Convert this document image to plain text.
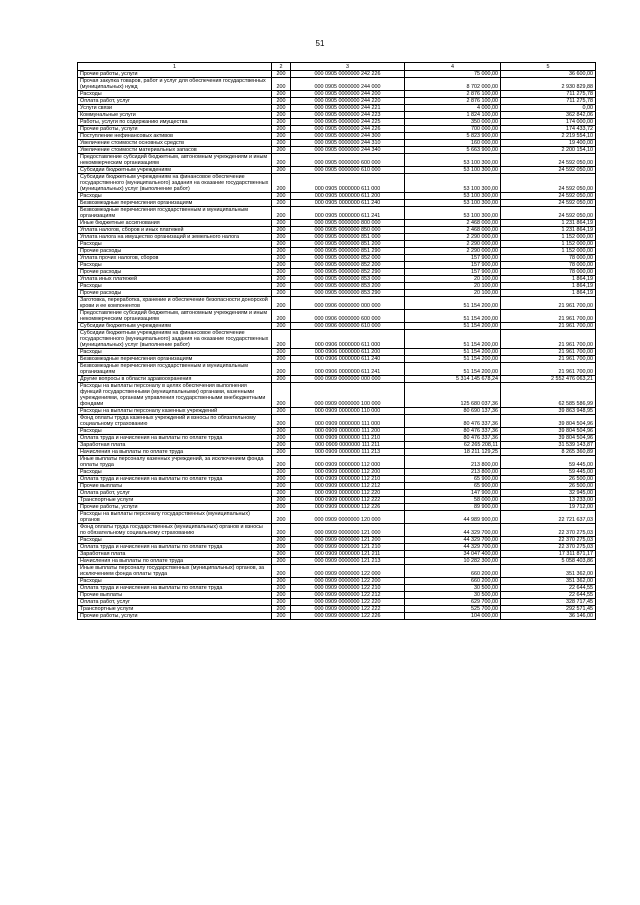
51
1	2	3	4	5
Прочие работы, услуги	200	000 0905 0000000 242 226	75 000,00	36 600,00
Прочая закупка товаров, работ и услуг для обеспечения государственных (муниципальных) нужд	200	000 0905 0000000 244 000	8 702 000,00	2 930 829,88
Расходы	200	000 0905 0000000 244 200	2 876 100,00	711 275,78
Оплата работ, услуг	200	000 0905 0000000 244 220	2 876 100,00	711 275,78
Услуги связи	200	000 0905 0000000 244 221	4 000,00	0,00
Коммунальные услуги	200	000 0905 0000000 244 223	1 824 100,00	362 842,06
Работы, услуги по содержанию имущества	200	000 0905 0000000 244 225	350 000,00	174 000,00
Прочие работы, услуги	200	000 0905 0000000 244 226	700 000,00	174 433,72
Поступление нефинансовых активов	200	000 0905 0000000 244 300	5 823 900,00	2 219 554,10
Увеличение стоимости основных средств	200	000 0905 0000000 244 310	160 000,00	19 400,00
Увеличение стоимости материальных запасов	200	000 0905 0000000 244 340	5 663 900,00	2 200 154,10
Предоставление субсидий бюджетным, автономным учреждениям и иным некоммерческим организациям	200	000 0905 0000000 600 000	53 100 300,00	24 592 050,00
Субсидии бюджетным учреждениям	200	000 0905 0000000 610 000	53 100 300,00	24 592 050,00
Субсидии бюджетным учреждениям на финансовое обеспечение государственного (муниципального) задания на оказание государственных (муниципальных) услуг (выполнение работ)	200	000 0905 0000000 611 000	53 100 300,00	24 592 050,00
Расходы	200	000 0905 0000000 611 200	53 100 300,00	24 592 050,00
Безвозмездные перечисления организациям	200	000 0905 0000000 611 240	53 100 300,00	24 592 050,00
Безвозмездные перечисления государственным и муниципальным организациям	200	000 0905 0000000 611 241	53 100 300,00	24 592 050,00
Иные бюджетные ассигнования	200	000 0905 0000000 800 000	2 468 000,00	1 231 864,19
Уплата налогов, сборов и иных платежей	200	000 0905 0000000 850 000	2 468 000,00	1 231 864,19
Уплата налога на имущество организаций и земельного налога	200	000 0905 0000000 851 000	2 290 000,00	1 152 000,00
Расходы	200	000 0905 0000000 851 200	2 290 000,00	1 152 000,00
Прочие расходы	200	000 0905 0000000 851 290	2 290 000,00	1 152 000,00
Уплата прочих налогов, сборов	200	000 0905 0000000 852 000	157 900,00	78 000,00
Расходы	200	000 0905 0000000 852 200	157 900,00	78 000,00
Прочие расходы	200	000 0905 0000000 852 290	157 900,00	78 000,00
Уплата иных платежей	200	000 0905 0000000 853 000	20 100,00	1 864,19
Расходы	200	000 0905 0000000 853 200	20 100,00	1 864,19
Прочие расходы	200	000 0905 0000000 853 290	20 100,00	1 864,19
Заготовка, переработка, хранение и обеспечение безопасности донорской крови и ее компонентов	200	000 0906 0000000 000 000	51 154 200,00	21 961 700,00
Предоставление субсидий бюджетным, автономным учреждениям и иным некоммерческим организациям	200	000 0906 0000000 600 000	51 154 200,00	21 961 700,00
Субсидии бюджетным учреждениям	200	000 0906 0000000 610 000	51 154 200,00	21 961 700,00
Субсидии бюджетным учреждениям на финансовое обеспечение государственного (муниципального) задания на оказание государственных (муниципальных) услуг (выполнение работ)	200	000 0906 0000000 611 000	51 154 200,00	21 961 700,00
Расходы	200	000 0906 0000000 611 200	51 154 200,00	21 961 700,00
Безвозмездные перечисления организациям	200	000 0906 0000000 611 240	51 154 200,00	21 961 700,00
Безвозмездные перечисления государственным и муниципальным организациям	200	000 0906 0000000 611 241	51 154 200,00	21 961 700,00
Другие вопросы в области здравоохранения	200	000 0909 0000000 000 000	5 314 145 678,24	2 552 476 063,21
Расходы на выплаты персоналу в целях обеспечения выполнения функций государственными (муниципальными) органами, казенными учреждениями, органами управления государственными внебюджетными фондами	200	000 0909 0000000 100 000	125 680 037,36	62 585 586,99
Расходы на выплаты персоналу казенных учреждений	200	000 0909 0000000 110 000	80 690 137,36	39 863 948,95
Фонд оплаты труда казенных учреждений и взносы по обязательному социальному страхованию	200	000 0909 0000000 111 000	80 476 337,36	39 804 504,96
Расходы	200	000 0909 0000000 111 200	80 476 337,36	39 804 504,96
Оплата труда и начисления на выплаты по оплате труда	200	000 0909 0000000 111 210	80 476 337,36	39 804 504,96
Заработная плата	200	000 0909 0000000 111 211	62 265 208,11	31 539 143,87
Начисления на выплаты по оплате труда	200	000 0909 0000000 111 213	18 211 129,25	8 265 360,89
Иные выплаты персоналу казенных учреждений, за исключением фонда оплаты труда	200	000 0909 0000000 112 000	213 800,00	59 445,00
Расходы	200	000 0909 0000000 112 200	213 800,00	59 445,00
Оплата труда и начисления на выплаты по оплате труда	200	000 0909 0000000 112 210	65 900,00	26 500,00
Прочие выплаты	200	000 0909 0000000 112 212	65 900,00	26 500,00
Оплата работ, услуг	200	000 0909 0000000 112 220	147 900,00	32 945,00
Транспортные услуги	200	000 0909 0000000 112 222	58 000,00	13 233,00
Прочие работы, услуги	200	000 0909 0000000 112 226	89 900,00	19 712,00
Расходы на выплаты персоналу государственных (муниципальных) органов	200	000 0909 0000000 120 000	44 989 900,00	22 721 637,03
Фонд оплаты труда государственных (муниципальных) органов и взносы по обязательному социальному страхованию	200	000 0909 0000000 121 000	44 329 700,00	22 370 275,03
Расходы	200	000 0909 0000000 121 200	44 329 700,00	22 370 275,03
Оплата труда и начисления на выплаты по оплате труда	200	000 0909 0000000 121 210	44 329 700,00	22 370 275,03
Заработная плата	200	000 0909 0000000 121 211	34 047 400,00	17 311 871,17
Начисления на выплаты по оплате труда	200	000 0909 0000000 121 213	10 282 300,00	5 058 403,86
Иные выплаты персоналу государственных (муниципальных) органов, за исключением фонда оплаты труда	200	000 0909 0000000 122 000	660 200,00	351 362,00
Расходы	200	000 0909 0000000 122 200	660 200,00	351 362,00
Оплата труда и начисления на выплаты по оплате труда	200	000 0909 0000000 122 210	30 500,00	22 644,55
Прочие выплаты	200	000 0909 0000000 122 212	30 500,00	22 644,55
Оплата работ, услуг	200	000 0909 0000000 122 220	629 700,00	328 717,45
Транспортные услуги	200	000 0909 0000000 122 222	525 700,00	292 571,45
Прочие работы, услуги	200	000 0909 0000000 122 226	104 000,00	36 146,00
